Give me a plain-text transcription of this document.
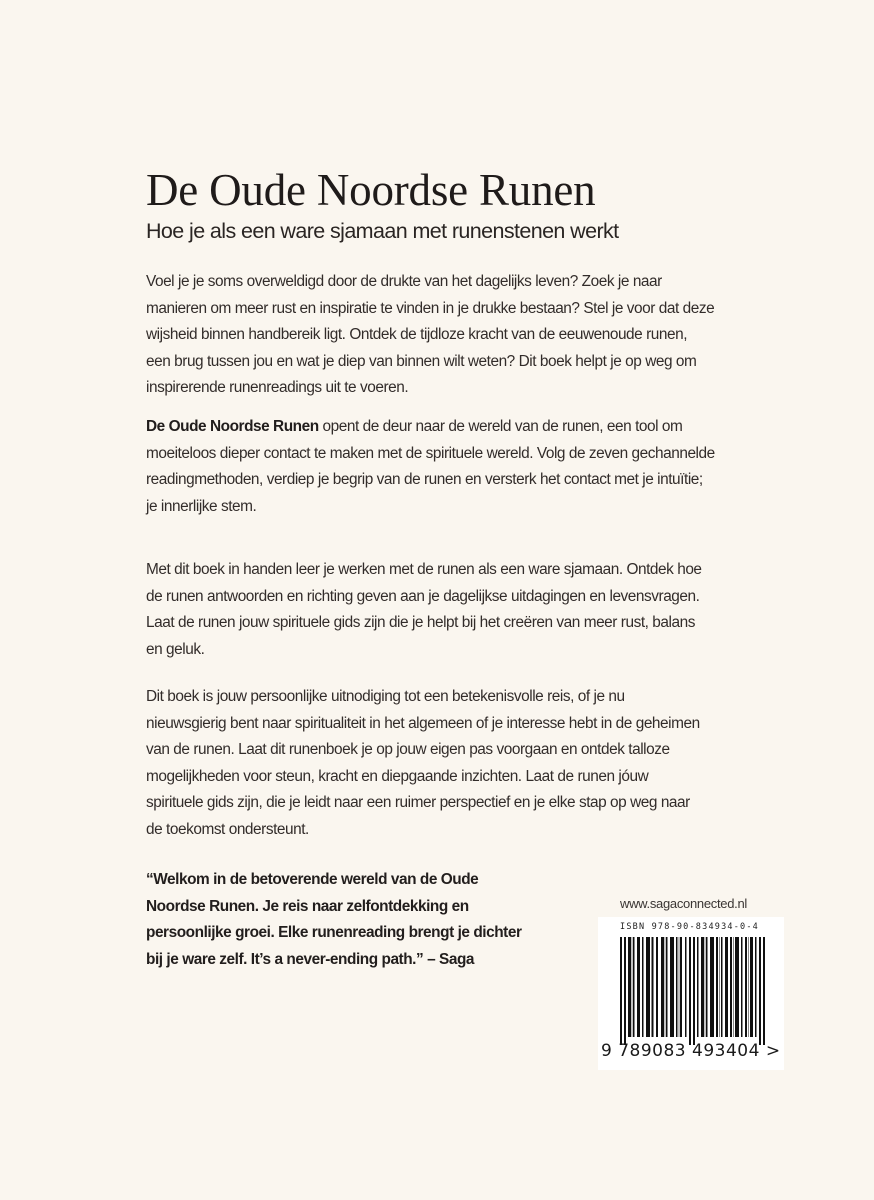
De Oude Noordse Runen
Hoe je als een ware sjamaan met runenstenen werkt

Voel je je soms overweldigd door de drukte van het dagelijks leven? Zoek je naar
manieren om meer rust en inspiratie te vinden in je drukke bestaan? Stel je voor dat deze
wijsheid binnen handbereik ligt. Ontdek de tijdloze kracht van de eeuwenoude runen,
een brug tussen jou en wat je diep van binnen wilt weten? Dit boek helpt je op weg om
inspirerende runenreadings uit te voeren.

De Oude Noordse Runen opent de deur naar de wereld van de runen, een tool om
moeiteloos dieper contact te maken met de spirituele wereld. Volg de zeven gechannelde
readingmethoden, verdiep je begrip van de runen en versterk het contact met je intuïtie;
je innerlijke stem.

Met dit boek in handen leer je werken met de runen als een ware sjamaan. Ontdek hoe
de runen antwoorden en richting geven aan je dagelijkse uitdagingen en levensvragen.
Laat de runen jouw spirituele gids zijn die je helpt bij het creëren van meer rust, balans
en geluk.

Dit boek is jouw persoonlijke uitnodiging tot een betekenisvolle reis, of je nu
nieuwsgierig bent naar spiritualiteit in het algemeen of je interesse hebt in de geheimen
van de runen. Laat dit runenboek je op jouw eigen pas voorgaan en ontdek talloze
mogelijkheden voor steun, kracht en diepgaande inzichten. Laat de runen jóuw
spirituele gids zijn, die je leidt naar een ruimer perspectief en je elke stap op weg naar
de toekomst ondersteunt.

“Welkom in de betoverende wereld van de Oude
Noordse Runen. Je reis naar zelfontdekking en
persoonlijke groei. Elke runenreading brengt je dichter
bij je ware zelf. It’s a never-ending path.” – Saga
www.sagaconnected.nl
ISBN 978-90-834934-0-4
9 789083 493404 >
